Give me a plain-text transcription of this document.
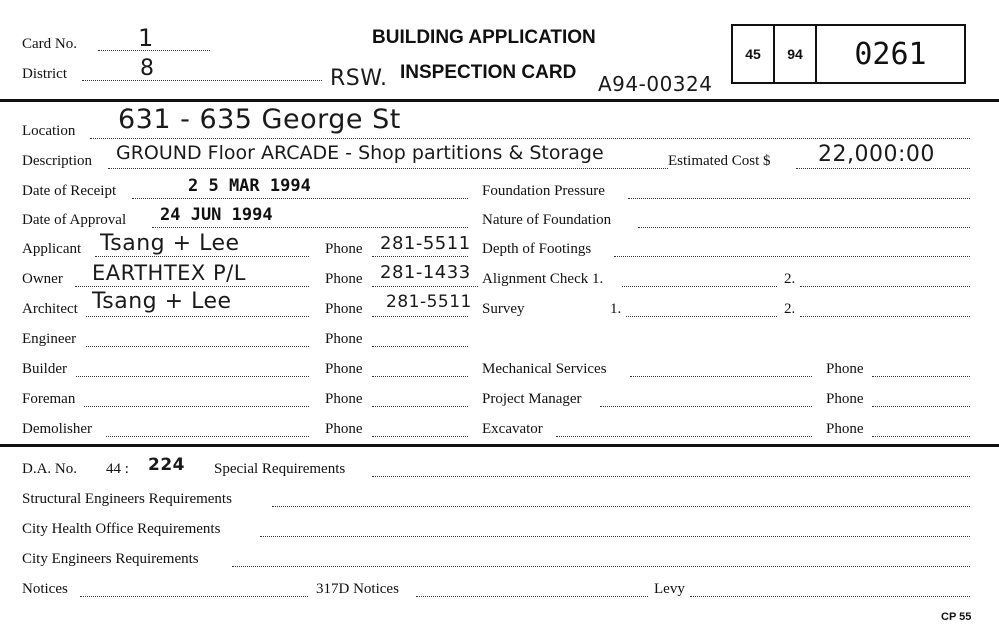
Card No.	1
District	8	RSW.
BUILDING APPLICATION
INSPECTION CARD A94-00324
45	94	0261
Location 631 - 635 George St
Description GROUND Floor ARCADE - Shop partitions & Storage	Estimated Cost $ 22,000:00
Date of Receipt	2 5 MAR 1994	Foundation Pressure
Date of Approval 24 JUN 1994	Nature of Foundation
Applicant Tsang + Lee	Phone 281-5511 Depth of Footings
Owner EARTHTEX P/L	Phone 281-1433 Alignment Check 1.	2.
Architect Tsang + Lee	Phone 281-5511 Survey	1.	2.
Engineer	Phone
Builder	Phone	Mechanical Services	Phone
Foreman	Phone	Project Manager	Phone
Demolisher	Phone	Excavator	Phone
D.A. No. 44 : 224 Special Requirements
Structural Engineers Requirements
City Health Office Requirements
City Engineers Requirements
Notices	317D Notices	Levy
CP 55
